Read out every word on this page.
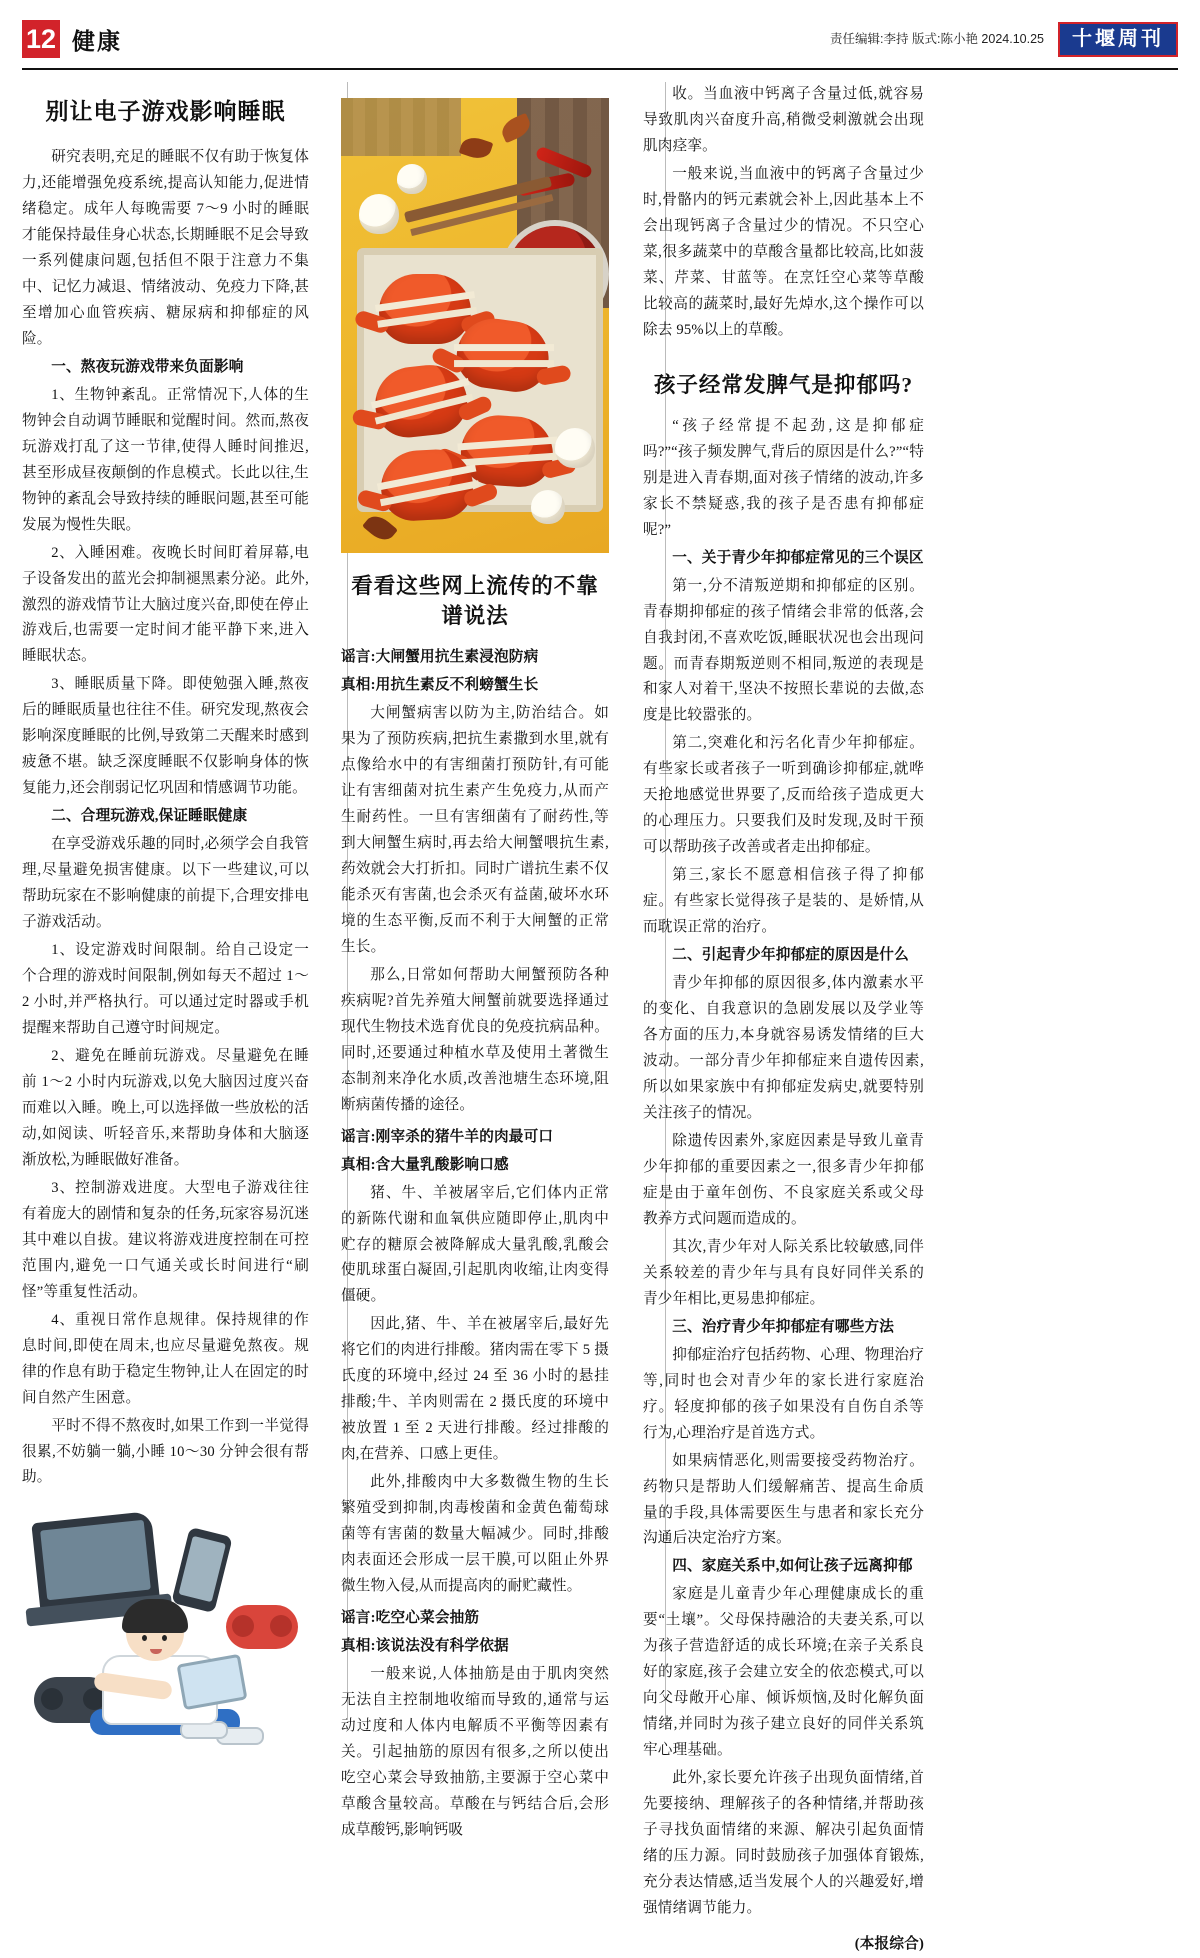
12 健康	责任编辑:李持 版式:陈小艳 2024.10.25	十堰周刊
别让电子游戏影响睡眠

研究表明,充足的睡眠不仅有助于恢复体力,还能增强免疫系统,提高认知能力,促进情绪稳定。成年人每晚需要 7～9 小时的睡眠才能保持最佳身心状态,长期睡眠不足会导致一系列健康问题,包括但不限于注意力不集中、记忆力减退、情绪波动、免疫力下降,甚至增加心血管疾病、糖尿病和抑郁症的风险。

一、熬夜玩游戏带来负面影响

1、生物钟紊乱。正常情况下,人体的生物钟会自动调节睡眠和觉醒时间。然而,熬夜玩游戏打乱了这一节律,使得人睡时间推迟,甚至形成昼夜颠倒的作息模式。长此以往,生物钟的紊乱会导致持续的睡眠问题,甚至可能发展为慢性失眠。

2、入睡困难。夜晚长时间盯着屏幕,电子设备发出的蓝光会抑制褪黑素分泌。此外,激烈的游戏情节让大脑过度兴奋,即使在停止游戏后,也需要一定时间才能平静下来,进入睡眠状态。

3、睡眠质量下降。即使勉强入睡,熬夜后的睡眠质量也往往不佳。研究发现,熬夜会影响深度睡眠的比例,导致第二天醒来时感到疲惫不堪。缺乏深度睡眠不仅影响身体的恢复能力,还会削弱记忆巩固和情感调节功能。

二、合理玩游戏,保证睡眠健康

在享受游戏乐趣的同时,必须学会自我管理,尽量避免损害健康。以下一些建议,可以帮助玩家在不影响健康的前提下,合理安排电子游戏活动。

1、设定游戏时间限制。给自己设定一个合理的游戏时间限制,例如每天不超过 1～2 小时,并严格执行。可以通过定时器或手机提醒来帮助自己遵守时间规定。

2、避免在睡前玩游戏。尽量避免在睡前 1～2 小时内玩游戏,以免大脑因过度兴奋而难以入睡。晚上,可以选择做一些放松的活动,如阅读、听轻音乐,来帮助身体和大脑逐渐放松,为睡眠做好准备。

3、控制游戏进度。大型电子游戏往往有着庞大的剧情和复杂的任务,玩家容易沉迷其中难以自拔。建议将游戏进度控制在可控范围内,避免一口气通关或长时间进行“刷怪”等重复性活动。

4、重视日常作息规律。保持规律的作息时间,即使在周末,也应尽量避免熬夜。规律的作息有助于稳定生物钟,让人在固定的时间自然产生困意。

平时不得不熬夜时,如果工作到一半觉得很累,不妨躺一躺,小睡 10～30 分钟会很有帮助。

看看这些网上流传的不靠谱说法

谣言:大闸蟹用抗生素浸泡防病

真相:用抗生素反不利螃蟹生长

大闸蟹病害以防为主,防治结合。如果为了预防疾病,把抗生素撒到水里,就有点像给水中的有害细菌打预防针,有可能让有害细菌对抗生素产生免疫力,从而产生耐药性。一旦有害细菌有了耐药性,等到大闸蟹生病时,再去给大闸蟹喂抗生素,药效就会大打折扣。同时广谱抗生素不仅能杀灭有害菌,也会杀灭有益菌,破坏水环境的生态平衡,反而不利于大闸蟹的正常生长。

那么,日常如何帮助大闸蟹预防各种疾病呢?首先养殖大闸蟹前就要选择通过现代生物技术选育优良的免疫抗病品种。同时,还要通过种植水草及使用土著微生态制剂来净化水质,改善池塘生态环境,阻断病菌传播的途径。

谣言:刚宰杀的猪牛羊的肉最可口

真相:含大量乳酸影响口感

猪、牛、羊被屠宰后,它们体内正常的新陈代谢和血氧供应随即停止,肌肉中贮存的糖原会被降解成大量乳酸,乳酸会使肌球蛋白凝固,引起肌肉收缩,让肉变得僵硬。

因此,猪、牛、羊在被屠宰后,最好先将它们的肉进行排酸。猪肉需在零下 5 摄氏度的环境中,经过 24 至 36 小时的悬挂排酸;牛、羊肉则需在 2 摄氏度的环境中被放置 1 至 2 天进行排酸。经过排酸的肉,在营养、口感上更佳。

此外,排酸肉中大多数微生物的生长繁殖受到抑制,肉毒梭菌和金黄色葡萄球菌等有害菌的数量大幅减少。同时,排酸肉表面还会形成一层干膜,可以阻止外界微生物入侵,从而提高肉的耐贮藏性。

谣言:吃空心菜会抽筋

真相:该说法没有科学依据

一般来说,人体抽筋是由于肌肉突然无法自主控制地收缩而导致的,通常与运动过度和人体内电解质不平衡等因素有关。引起抽筋的原因有很多,之所以使出吃空心菜会导致抽筋,主要源于空心菜中草酸含量较高。草酸在与钙结合后,会形成草酸钙,影响钙吸

收。当血液中钙离子含量过低,就容易导致肌肉兴奋度升高,稍微受刺激就会出现肌肉痉挛。

一般来说,当血液中的钙离子含量过少时,骨骼内的钙元素就会补上,因此基本上不会出现钙离子含量过少的情况。不只空心菜,很多蔬菜中的草酸含量都比较高,比如菠菜、芹菜、甘蓝等。在烹饪空心菜等草酸比较高的蔬菜时,最好先焯水,这个操作可以除去 95%以上的草酸。

孩子经常发脾气是抑郁吗?

“孩子经常提不起劲,这是抑郁症吗?”“孩子频发脾气,背后的原因是什么?”“特别是进入青春期,面对孩子情绪的波动,许多家长不禁疑惑,我的孩子是否患有抑郁症呢?”

一、关于青少年抑郁症常见的三个误区

第一,分不清叛逆期和抑郁症的区别。青春期抑郁症的孩子情绪会非常的低落,会自我封闭,不喜欢吃饭,睡眠状况也会出现问题。而青春期叛逆则不相同,叛逆的表现是和家人对着干,坚决不按照长辈说的去做,态度是比较嚣张的。

第二,突难化和污名化青少年抑郁症。有些家长或者孩子一听到确诊抑郁症,就哗天抢地感觉世界要了,反而给孩子造成更大的心理压力。只要我们及时发现,及时干预可以帮助孩子改善或者走出抑郁症。

第三,家长不愿意相信孩子得了抑郁症。有些家长觉得孩子是装的、是娇情,从而耽误正常的治疗。

二、引起青少年抑郁症的原因是什么

青少年抑郁的原因很多,体内激素水平的变化、自我意识的急剧发展以及学业等各方面的压力,本身就容易诱发情绪的巨大波动。一部分青少年抑郁症来自遗传因素,所以如果家族中有抑郁症发病史,就要特别关注孩子的情况。

除遗传因素外,家庭因素是导致儿童青少年抑郁的重要因素之一,很多青少年抑郁症是由于童年创伤、不良家庭关系或父母教养方式问题而造成的。

其次,青少年对人际关系比较敏感,同伴关系较差的青少年与具有良好同伴关系的青少年相比,更易患抑郁症。

三、治疗青少年抑郁症有哪些方法

抑郁症治疗包括药物、心理、物理治疗等,同时也会对青少年的家长进行家庭治疗。轻度抑郁的孩子如果没有自伤自杀等行为,心理治疗是首选方式。

如果病情恶化,则需要接受药物治疗。药物只是帮助人们缓解痛苦、提高生命质量的手段,具体需要医生与患者和家长充分沟通后决定治疗方案。

四、家庭关系中,如何让孩子远离抑郁

家庭是儿童青少年心理健康成长的重要“土壤”。父母保持融洽的夫妻关系,可以为孩子营造舒适的成长环境;在亲子关系良好的家庭,孩子会建立安全的依恋模式,可以向父母敞开心扉、倾诉烦恼,及时化解负面情绪,并同时为孩子建立良好的同伴关系筑牢心理基础。

此外,家长要允许孩子出现负面情绪,首先要接纳、理解孩子的各种情绪,并帮助孩子寻找负面情绪的来源、解决引起负面情绪的压力源。同时鼓励孩子加强体育锻炼,充分表达情感,适当发展个人的兴趣爱好,增强情绪调节能力。

(本报综合)
